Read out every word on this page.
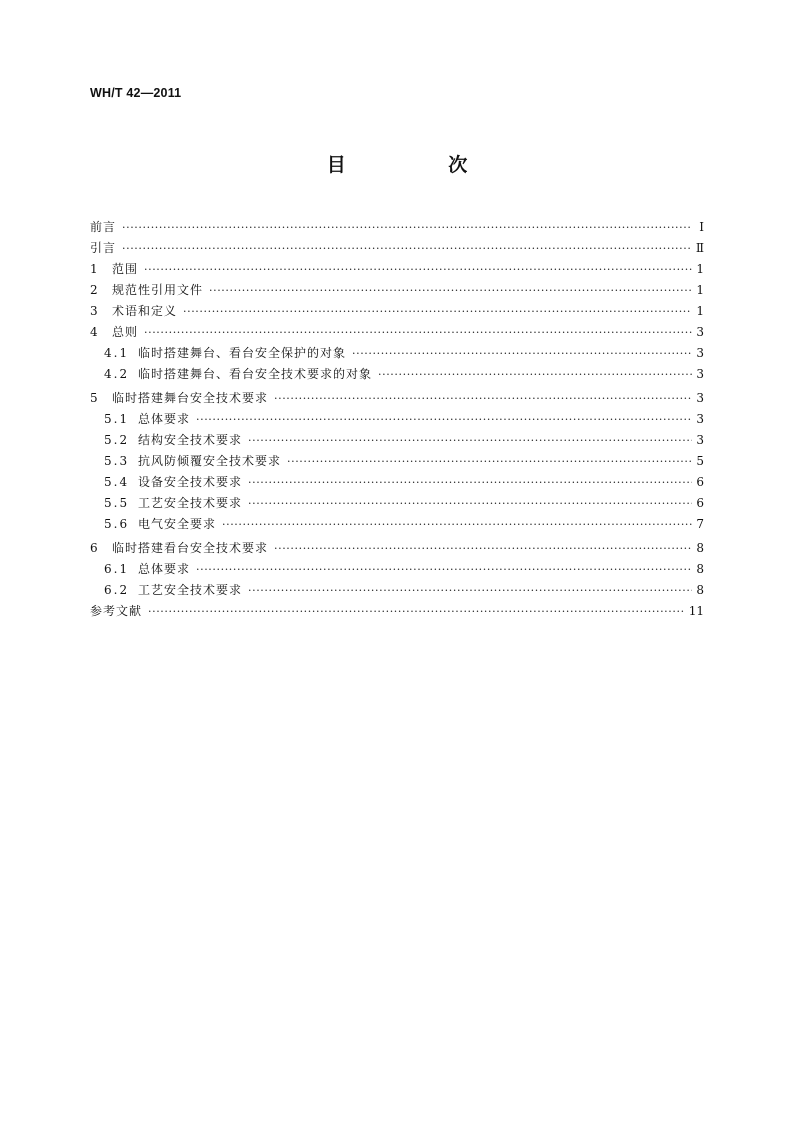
WH/T 42—2011
目 次
前言 ·····	Ⅰ
引言 ·····	Ⅱ
1	范围 ·····	1
2	规范性引用文件 ·····	1
3	术语和定义 ·····	1
4	总则 ·····	3
4.1 临时搭建舞台、看台安全保护的对象 ·····	3
4.2 临时搭建舞台、看台安全技术要求的对象 ·····	3
5	临时搭建舞台安全技术要求 ·····	3
5.1 总体要求 ·····	3
5.2 结构安全技术要求 ·····	3
5.3 抗风防倾覆安全技术要求 ·····	5
5.4 设备安全技术要求 ·····	6
5.5 工艺安全技术要求 ·····	6
5.6 电气安全要求 ·····	7
6	临时搭建看台安全技术要求 ·····	8
6.1 总体要求 ·····	8
6.2 工艺安全技术要求 ·····	8
参考文献 ·····	11
